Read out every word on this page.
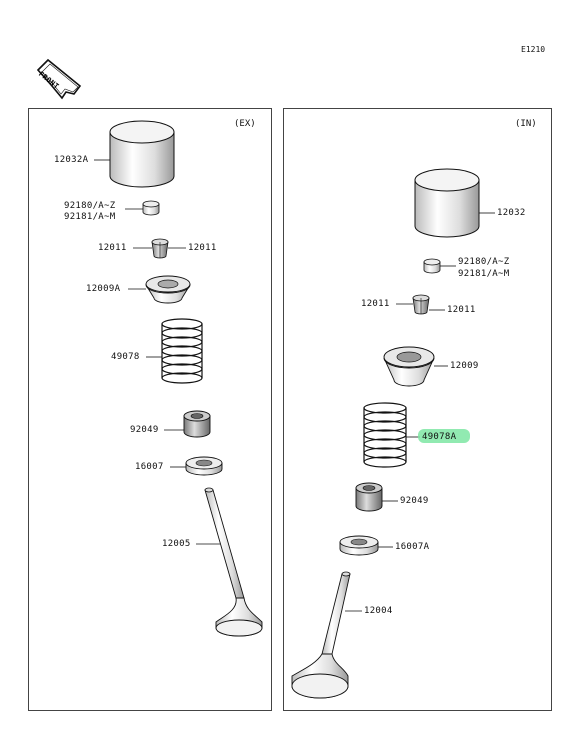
E1210
FRONT
(EX)	(IN)
12032A
92180/A~Z
92181/A~M
12011	12011
12009A
49078
92049
16007
12005
12032
92180/A~Z
92181/A~M
12011
12011
12009
49078A
92049
16007A
12004
